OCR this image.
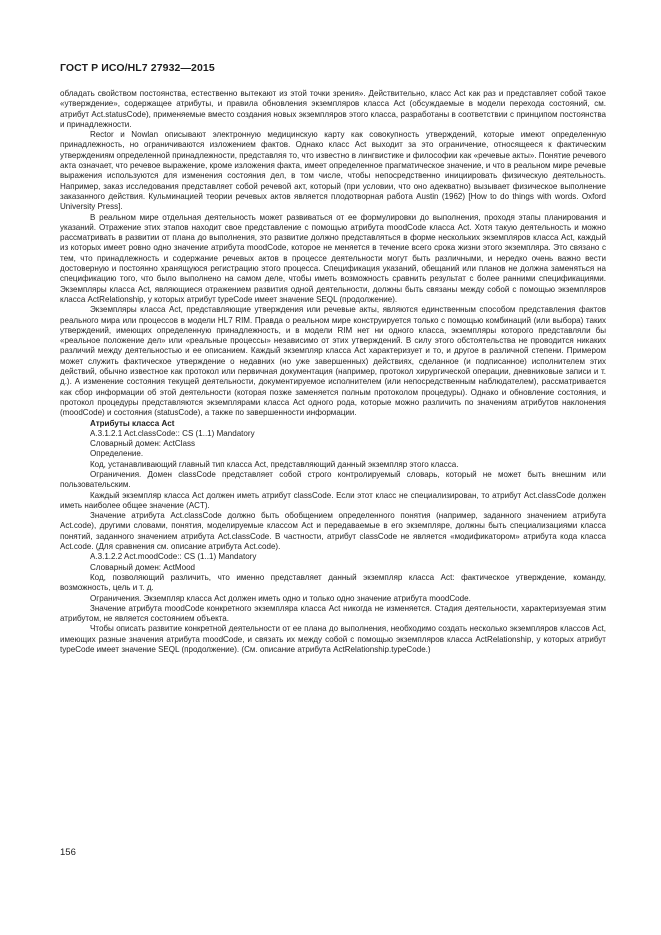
ГОСТ Р ИСО/HL7 27932—2015

обладать свойством постоянства, естественно вытекают из этой точки зрения». Действительно, класс Act как раз и представляет собой такое «утверждение», содержащее атрибуты, и правила обновления экземпляров класса Act (обсуждаемые в модели перехода состояний, см. атрибут Act.statusCode), применяемые вместо создания новых экземпляров этого класса, разработаны в соответствии с принципом постоянства и принадлежности.

Rector и Nowlan описывают электронную медицинскую карту как совокупность утверждений, которые имеют определенную принадлежность, но ограничиваются изложением фактов. Однако класс Act выходит за это ограничение, относящееся к фактическим утверждениям определенной принадлежности, представляя то, что известно в лингвистике и философии как «речевые акты». Понятие речевого акта означает, что речевое выражение, кроме изложения факта, имеет определенное прагматическое значение, и что в реальном мире речевые выражения используются для изменения состояния дел, в том числе, чтобы непосредственно инициировать физическую деятельность. Например, заказ исследования представляет собой речевой акт, который (при условии, что оно адекватно) вызывает физическое выполнение заказанного действия. Кульминацией теории речевых актов является плодотворная работа Austin (1962) [How to do things with words. Oxford University Press].

В реальном мире отдельная деятельность может развиваться от ее формулировки до выполнения, проходя этапы планирования и указаний. Отражение этих этапов находит свое представление с помощью атрибута moodCode класса Act. Хотя такую деятельность и можно рассматривать в развитии от плана до выполнения, это развитие должно представляться в форме нескольких экземпляров класса Act, каждый из которых имеет ровно одно значение атрибута moodCode, которое не меняется в течение всего срока жизни этого экземпляра. Это связано с тем, что принадлежность и содержание речевых актов в процессе деятельности могут быть различными, и нередко очень важно вести достоверную и постоянно хранящуюся регистрацию этого процесса. Спецификация указаний, обещаний или планов не должна заменяться на спецификацию того, что было выполнено на самом деле, чтобы иметь возможность сравнить результат с более ранними спецификациями. Экземпляры класса Act, являющиеся отражением развития одной деятельности, должны быть связаны между собой с помощью экземпляров класса ActRelationship, у которых атрибут typeCode имеет значение SEQL (продолжение).

Экземпляры класса Act, представляющие утверждения или речевые акты, являются единственным способом представления фактов реального мира или процессов в модели HL7 RIM. Правда о реальном мире конструируется только с помощью комбинаций (или выбора) таких утверждений, имеющих определенную принадлежность, и в модели RIM нет ни одного класса, экземпляры которого представляли бы «реальное положение дел» или «реальные процессы» независимо от этих утверждений. В силу этого обстоятельства не проводится никаких различий между деятельностью и ее описанием. Каждый экземпляр класса Act характеризует и то, и другое в различной степени. Примером может служить фактическое утверждение о недавних (но уже завершенных) действиях, сделанное (и подписанное) исполнителем этих действий, обычно известное как протокол или первичная документация (например, протокол хирургической операции, дневниковые записи и т. д.). А изменение состояния текущей деятельности, документируемое исполнителем (или непосредственным наблюдателем), рассматривается как сбор информации об этой деятельности (которая позже заменяется полным протоколом процедуры). Однако и обновление состояния, и протокол процедуры представляются экземплярами класса Act одного рода, которые можно различить по значениям атрибутов наклонения (moodCode) и состояния (statusCode), а также по завершенности информации.

Атрибуты класса Act

A.3.1.2.1 Act.classCode:: CS (1..1) Mandatory

Словарный домен: ActClass

Определение.

Код, устанавливающий главный тип класса Act, представляющий данный экземпляр этого класса.

Ограничения. Домен classCode представляет собой строго контролируемый словарь, который не может быть внешним или пользовательским.

Каждый экземпляр класса Act должен иметь атрибут classCode. Если этот класс не специализирован, то атрибут Act.classCode должен иметь наиболее общее значение (ACT).

Значение атрибута Act.classCode должно быть обобщением определенного понятия (например, заданного значением атрибута Act.code), другими словами, понятия, моделируемые классом Act и передаваемые в его экземпляре, должны быть специализациями класса понятий, заданного значением атрибута Act.classCode. В частности, атрибут classCode не является «модификатором» атрибута кода класса Act.code. (Для сравнения см. описание атрибута Act.code).

A.3.1.2.2 Act.moodCode:: CS (1..1) Mandatory

Словарный домен: ActMood

Код, позволяющий различить, что именно представляет данный экземпляр класса Act: фактическое утверждение, команду, возможность, цель и т. д.

Ограничения. Экземпляр класса Act должен иметь одно и только одно значение атрибута moodCode.

Значение атрибута moodCode конкретного экземпляра класса Act никогда не изменяется. Стадия деятельности, характеризуемая этим атрибутом, не является состоянием объекта.

Чтобы описать развитие конкретной деятельности от ее плана до выполнения, необходимо создать несколько экземпляров классов Act, имеющих разные значения атрибута moodCode, и связать их между собой с помощью экземпляров класса ActRelationship, у которых атрибут typeCode имеет значение SEQL (продолжение). (См. описание атрибута ActRelationship.typeCode.)

156
